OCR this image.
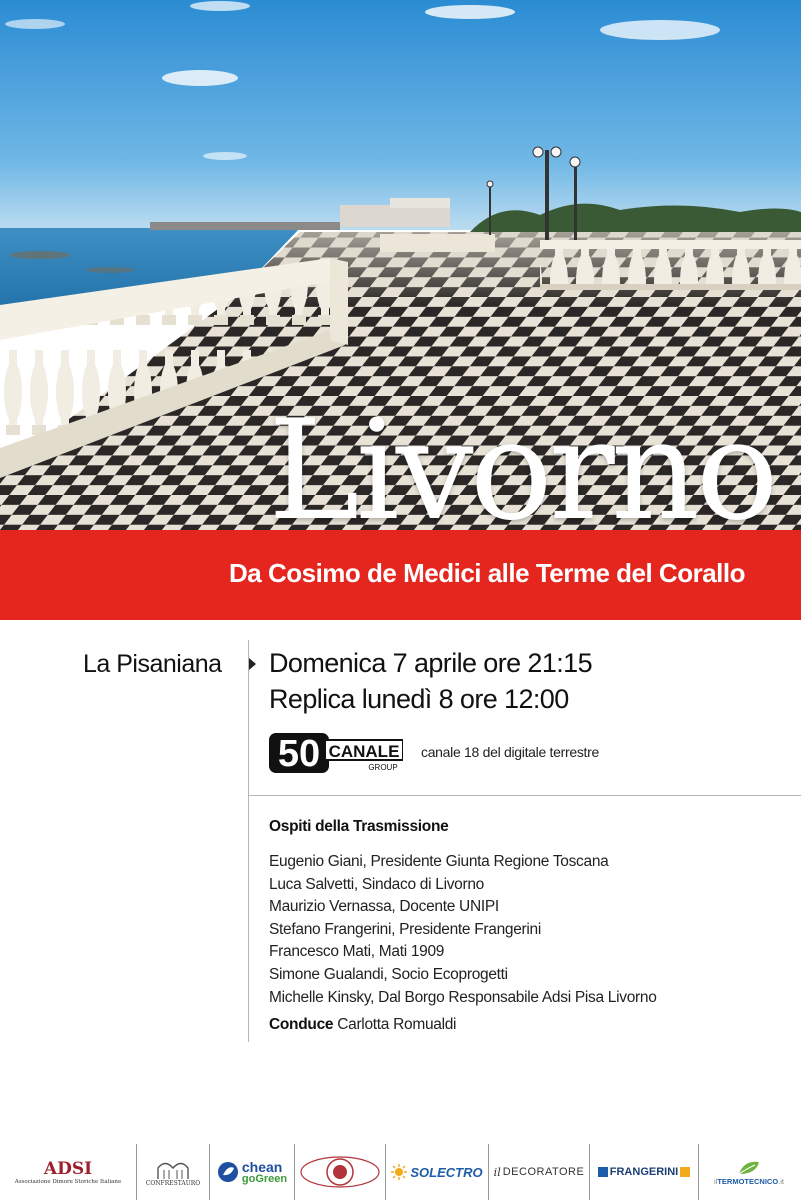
Livorno
Da Cosimo de Medici alle Terme del Corallo
La Pisaniana Domenica 7 aprile ore 21:15
Replica lunedì 8 ore 12:00
50 CANALE
GROUP
canale 18 del digitale terrestre
Ospiti della Trasmissione
Eugenio Giani, Presidente Giunta Regione Toscana
Luca Salvetti, Sindaco di Livorno
Maurizio Vernassa, Docente UNIPI
Stefano Frangerini, Presidente Frangerini
Francesco Mati, Mati 1909
Simone Gualandi, Socio Ecoprogetti
Michelle Kinsky, Dal Borgo Responsabile Adsi Pisa Livorno
Conduce Carlotta Romualdi
ADSI
Associazione Dimore Storiche Italiane	CONFRESTAURO
chean
goGreen	SOLECTRO il DECORATORE FRANGERINI
ilTERMOTECNICO.it
